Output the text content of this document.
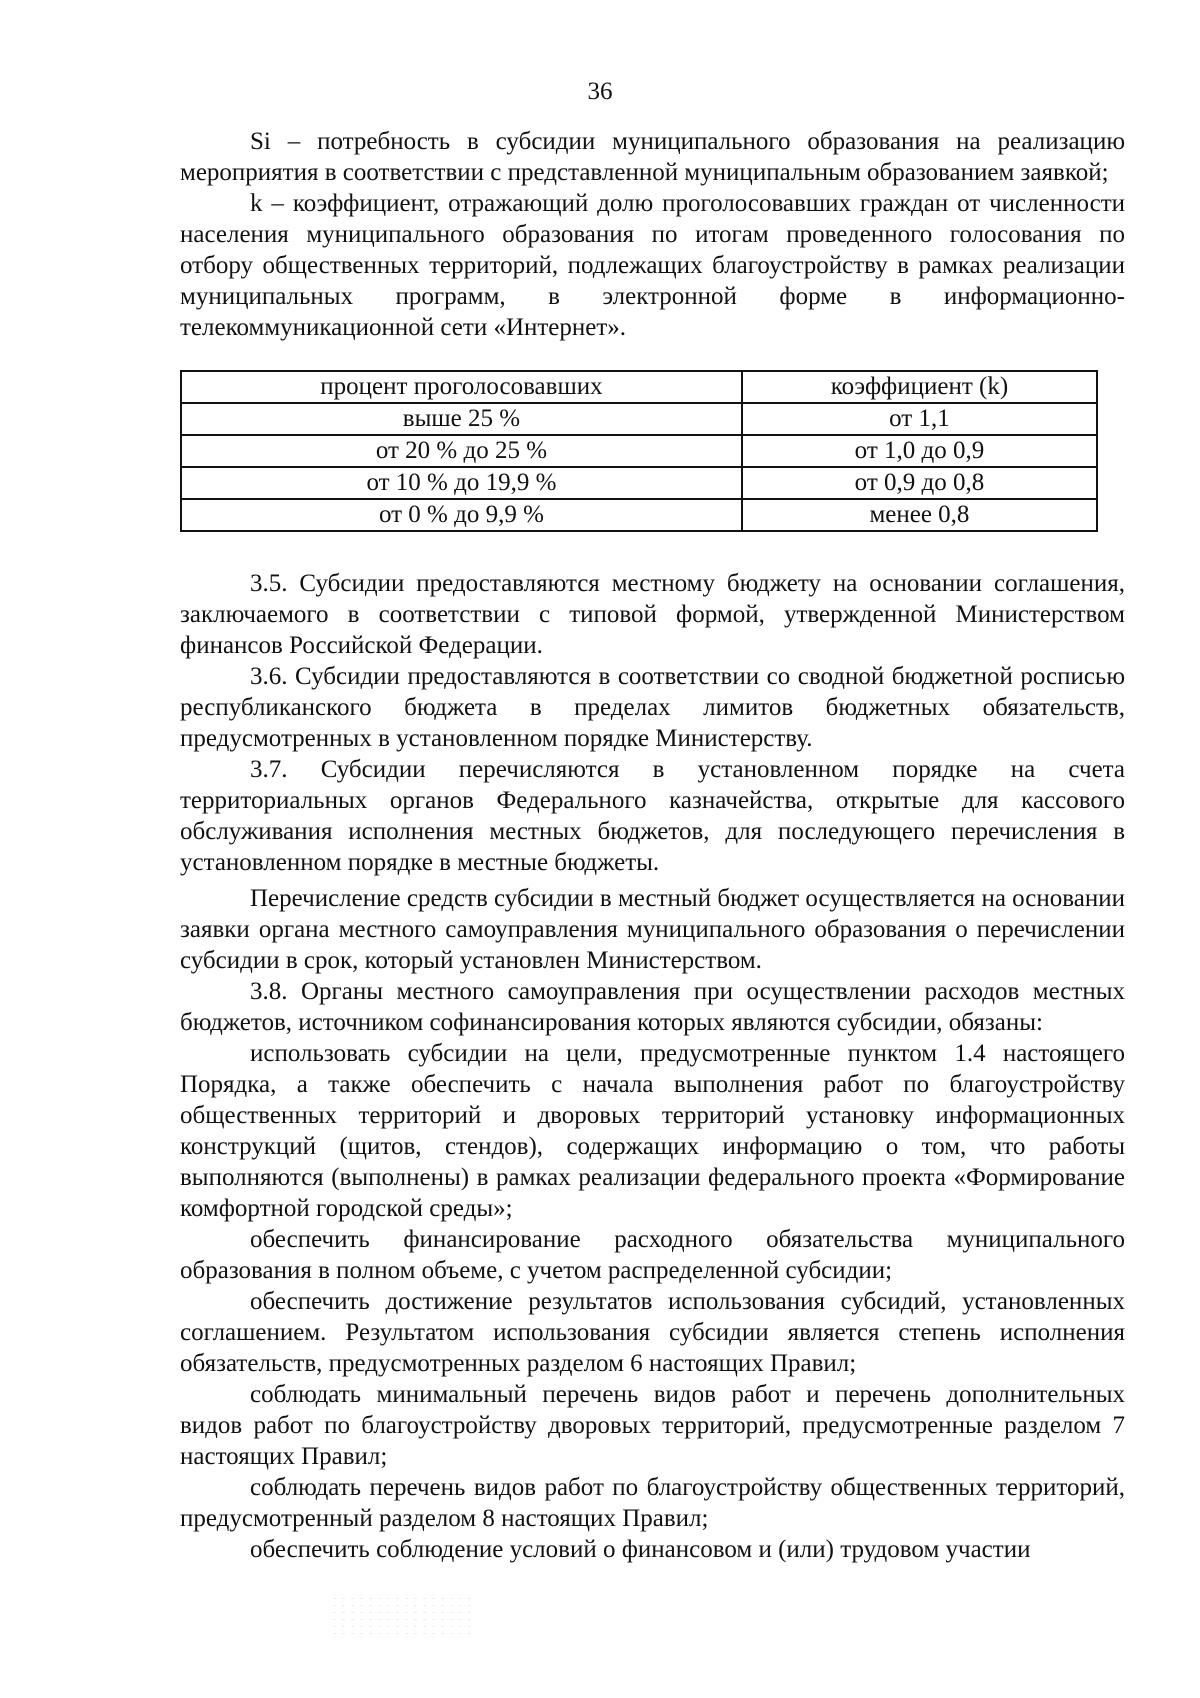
36

Si – потребность в субсидии муниципального образования на реализацию мероприятия в соответствии с представленной муниципальным образованием заявкой;

k – коэффициент, отражающий долю проголосовавших граждан от численности населения муниципального образования по итогам проведенного голосования по отбору общественных территорий, подлежащих благоустройству в рамках реализации муниципальных программ, в электронной форме в информационно-телекоммуникационной сети «Интернет».

процент проголосовавших	коэффициент (k)
выше 25 %	от 1,1
от 20 % до 25 %	от 1,0 до 0,9
от 10 % до 19,9 %	от 0,9 до 0,8
от 0 % до 9,9 %	менее 0,8

3.5. Субсидии предоставляются местному бюджету на основании соглашения, заключаемого в соответствии с типовой формой, утвержденной Министерством финансов Российской Федерации.

3.6. Субсидии предоставляются в соответствии со сводной бюджетной росписью республиканского бюджета в пределах лимитов бюджетных обязательств, предусмотренных в установленном порядке Министерству.

3.7. Субсидии перечисляются в установленном порядке на счета территориальных органов Федерального казначейства, открытые для кассового обслуживания исполнения местных бюджетов, для последующего перечисления в установленном порядке в местные бюджеты.

Перечисление средств субсидии в местный бюджет осуществляется на основании заявки органа местного самоуправления муниципального образования о перечислении субсидии в срок, который установлен Министерством.

3.8. Органы местного самоуправления при осуществлении расходов местных бюджетов, источником софинансирования которых являются субсидии, обязаны:

использовать субсидии на цели, предусмотренные пунктом 1.4 настоящего Порядка, а также обеспечить с начала выполнения работ по благоустройству общественных территорий и дворовых территорий установку информационных конструкций (щитов, стендов), содержащих информацию о том, что работы выполняются (выполнены) в рамках реализации федерального проекта «Формирование комфортной городской среды»;

обеспечить финансирование расходного обязательства муниципального образования в полном объеме, с учетом распределенной субсидии;

обеспечить достижение результатов использования субсидий, установленных соглашением. Результатом использования субсидии является степень исполнения обязательств, предусмотренных разделом 6 настоящих Правил;

соблюдать минимальный перечень видов работ и перечень дополнительных видов работ по благоустройству дворовых территорий, предусмотренные разделом 7 настоящих Правил;

соблюдать перечень видов работ по благоустройству общественных территорий, предусмотренный разделом 8 настоящих Правил;

обеспечить соблюдение условий о финансовом и (или) трудовом участии
